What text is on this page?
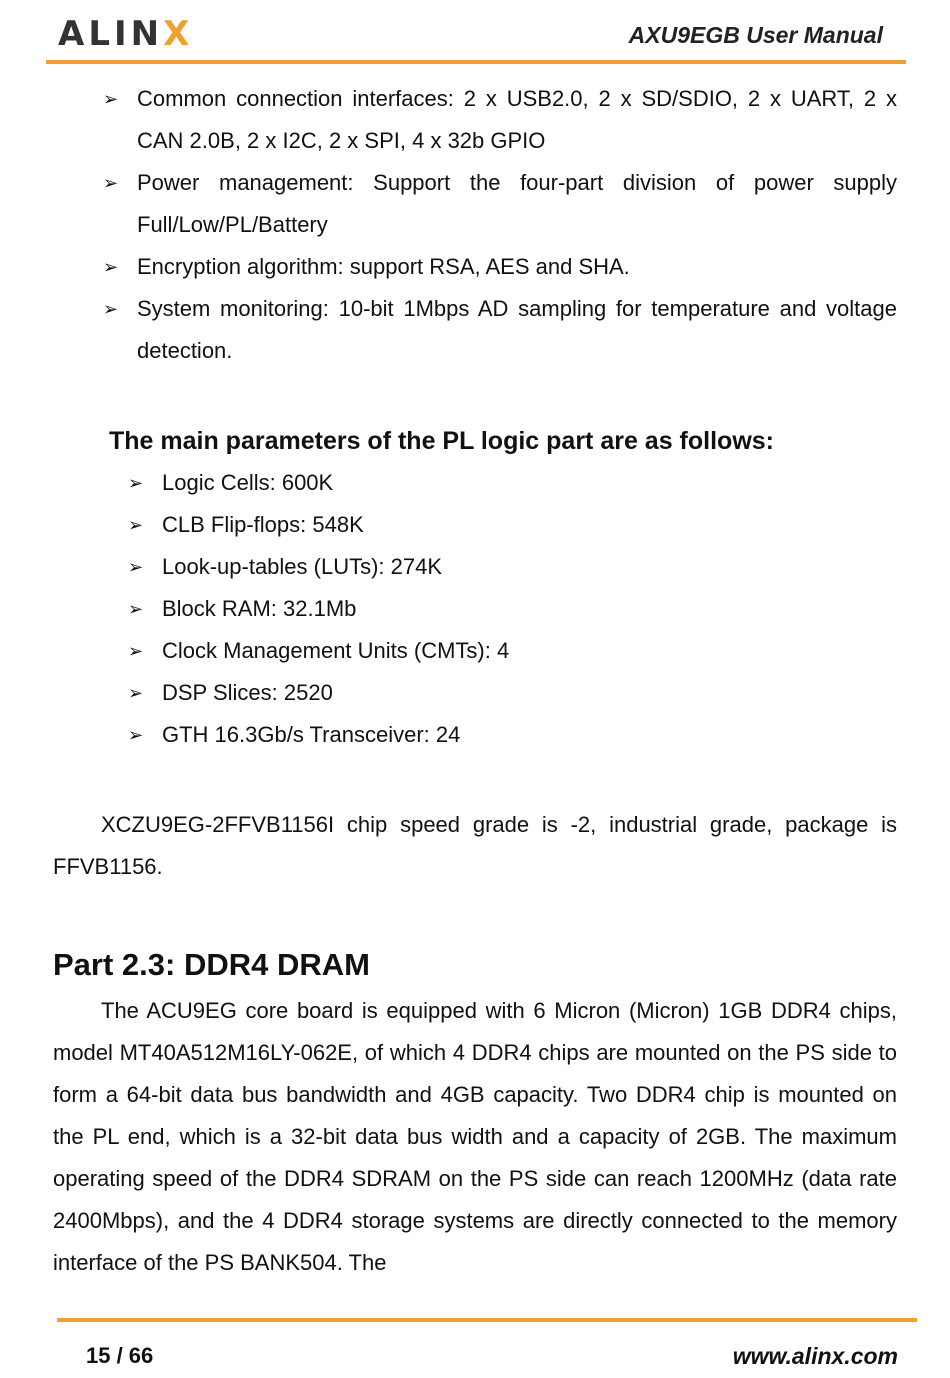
ALINX	AXU9EGB User Manual
➢ Common connection interfaces: 2 x USB2.0, 2 x SD/SDIO, 2 x UART, 2 x CAN 2.0B, 2 x I2C, 2 x SPI, 4 x 32b GPIO
➢ Power management: Support the four-part division of power supply Full/Low/PL/Battery
➢ Encryption algorithm: support RSA, AES and SHA.
➢ System monitoring: 10-bit 1Mbps AD sampling for temperature and voltage detection.
The main parameters of the PL logic part are as follows:
➢ Logic Cells: 600K
➢ CLB Flip-flops: 548K
➢ Look-up-tables (LUTs): 274K
➢ Block RAM: 32.1Mb
➢ Clock Management Units (CMTs): 4
➢ DSP Slices: 2520
➢ GTH 16.3Gb/s Transceiver: 24

XCZU9EG-2FFVB1156I chip speed grade is -2, industrial grade, package is FFVB1156.

Part 2.3: DDR4 DRAM

The ACU9EG core board is equipped with 6 Micron (Micron) 1GB DDR4 chips, model MT40A512M16LY-062E, of which 4 DDR4 chips are mounted on the PS side to form a 64-bit data bus bandwidth and 4GB capacity. Two DDR4 chip is mounted on the PL end, which is a 32-bit data bus width and a capacity of 2GB. The maximum operating speed of the DDR4 SDRAM on the PS side can reach 1200MHz (data rate 2400Mbps), and the 4 DDR4 storage systems are directly connected to the memory interface of the PS BANK504. The

15 / 66	www.alinx.com
